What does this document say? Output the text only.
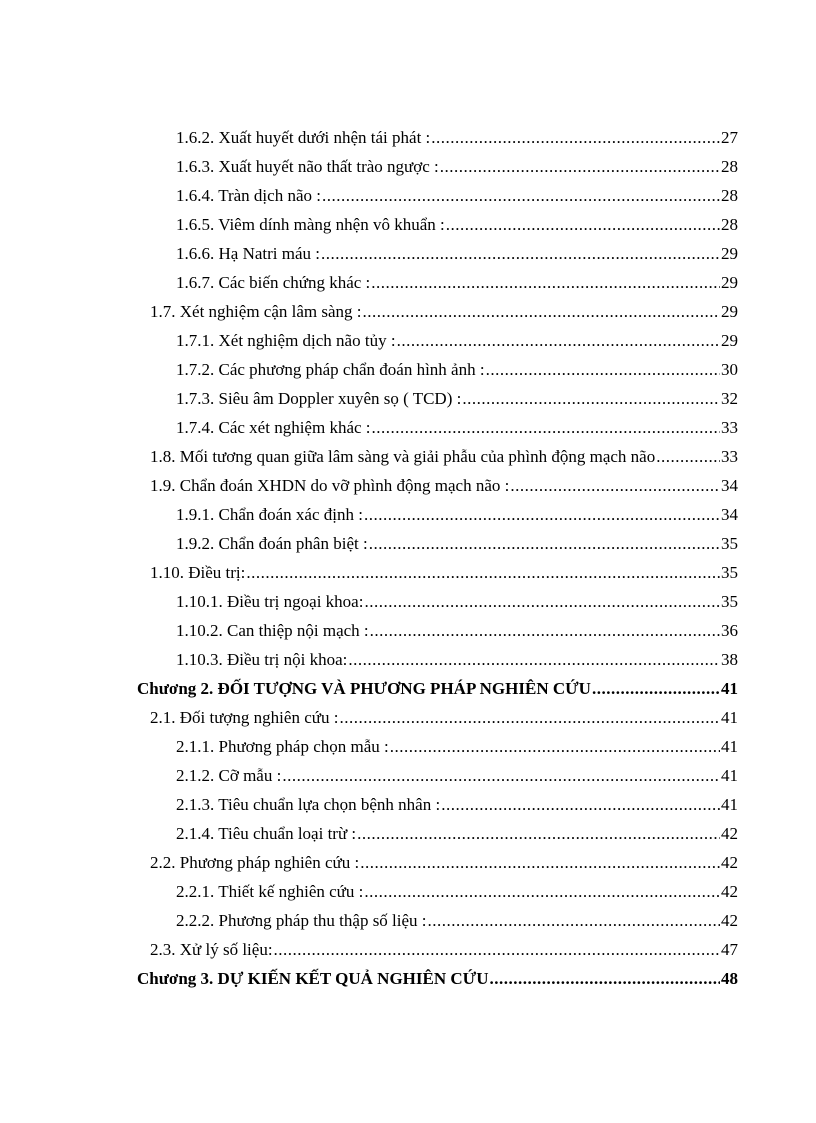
1.6.2. Xuất huyết dưới nhện tái phát : .....	27
1.6.3. Xuất huyết não thất trào ngược : .....	28
1.6.4. Tràn dịch não : .....	28
1.6.5. Viêm dính màng nhện vô khuẩn : .....	28
1.6.6. Hạ Natri máu : .....	29
1.6.7. Các biến chứng khác : .....	29
1.7. Xét nghiệm cận lâm sàng : .....	29
1.7.1. Xét nghiệm dịch não tủy : .....	29
1.7.2. Các phương pháp chẩn đoán hình ảnh : .....	30
1.7.3. Siêu âm Doppler xuyên sọ ( TCD) : .....	32
1.7.4. Các xét nghiệm khác : .....	33
1.8. Mối tương quan giữa lâm sàng và giải phẫu của phình động mạch não .....	33
1.9. Chẩn đoán XHDN do vỡ phình động mạch não : .....	34
1.9.1. Chẩn đoán xác định : .....	34
1.9.2. Chẩn đoán phân biệt : .....	35
1.10. Điều trị: .....	35
1.10.1. Điều trị ngoại khoa: .....	35
1.10.2. Can thiệp nội mạch : .....	36
1.10.3. Điều trị nội khoa: .....	38
Chương 2. ĐỐI TƯỢNG VÀ PHƯƠNG PHÁP NGHIÊN CỨU .....	41
2.1. Đối tượng nghiên cứu : .....	41
2.1.1. Phương pháp chọn mẫu : .....	41
2.1.2. Cỡ mẫu : .....	41
2.1.3. Tiêu chuẩn lựa chọn bệnh nhân : .....	41
2.1.4. Tiêu chuẩn loại trừ : .....	42
2.2. Phương pháp nghiên cứu : .....	42
2.2.1. Thiết kế nghiên cứu : .....	42
2.2.2. Phương pháp thu thập số liệu : .....	42
2.3. Xử lý số liệu: .....	47
Chương 3. DỰ KIẾN KẾT QUẢ NGHIÊN CỨU .....	48
